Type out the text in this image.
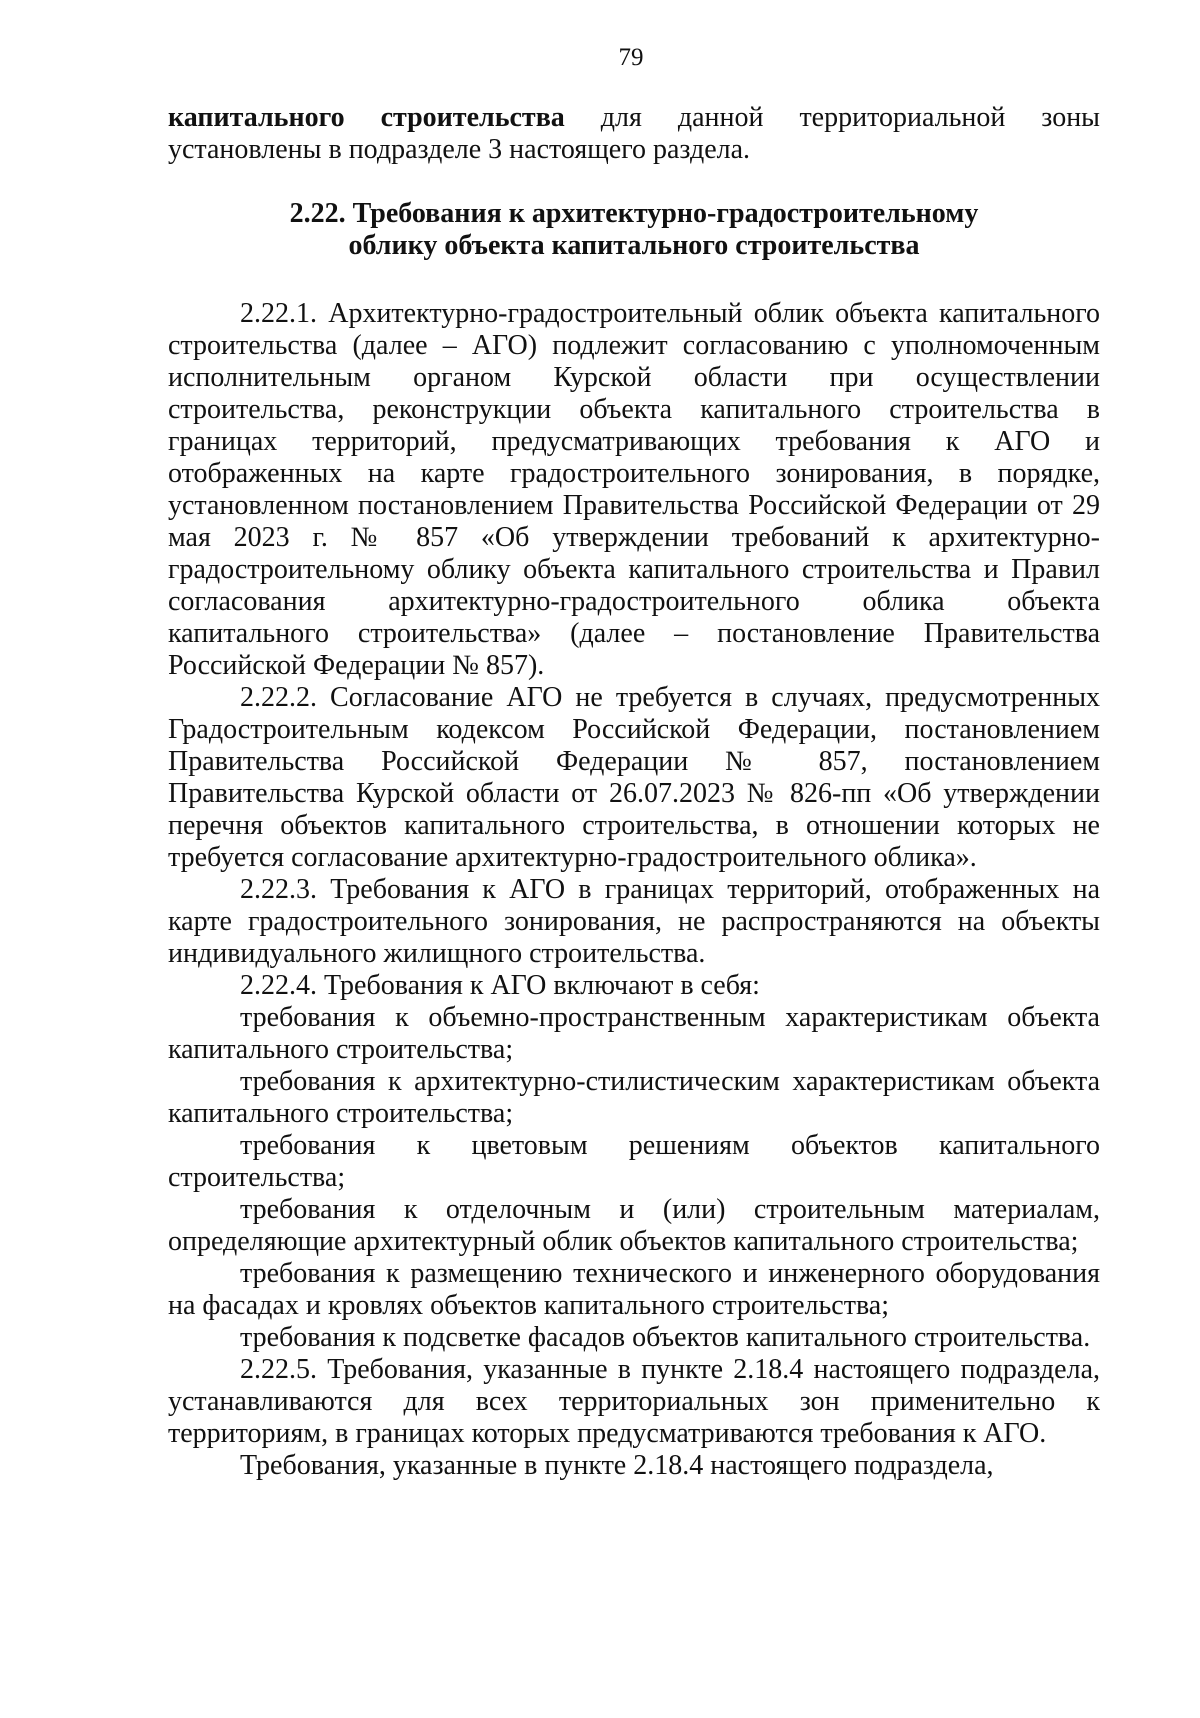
79

капитального строительства для данной территориальной зоны установлены в подразделе 3 настоящего раздела.

2.22. Требования к архитектурно-градостроительному
облику объекта капитального строительства

2.22.1. Архитектурно-градостроительный облик объекта капитального строительства (далее – АГО) подлежит согласованию с уполномоченным исполнительным органом Курской области при осуществлении строительства, реконструкции объекта капитального строительства в границах территорий, предусматривающих требования к АГО и отображенных на карте градостроительного зонирования, в порядке, установленном постановлением Правительства Российской Федерации от 29 мая 2023 г. № 857 «Об утверждении требований к архитектурно-градостроительному облику объекта капитального строительства и Правил согласования архитектурно-градостроительного облика объекта капитального строительства» (далее – постановление Правительства Российской Федерации № 857).

2.22.2. Согласование АГО не требуется в случаях, предусмотренных Градостроительным кодексом Российской Федерации, постановлением Правительства Российской Федерации № 857, постановлением Правительства Курской области от 26.07.2023 № 826-пп «Об утверждении перечня объектов капитального строительства, в отношении которых не требуется согласование архитектурно-градостроительного облика».

2.22.3. Требования к АГО в границах территорий, отображенных на карте градостроительного зонирования, не распространяются на объекты индивидуального жилищного строительства.

2.22.4. Требования к АГО включают в себя:

требования к объемно-пространственным характеристикам объекта капитального строительства;

требования к архитектурно-стилистическим характеристикам объекта капитального строительства;

требования к цветовым решениям объектов капитального строительства;

требования к отделочным и (или) строительным материалам, определяющие архитектурный облик объектов капитального строительства;

требования к размещению технического и инженерного оборудования на фасадах и кровлях объектов капитального строительства;

требования к подсветке фасадов объектов капитального строительства.

2.22.5. Требования, указанные в пункте 2.18.4 настоящего подраздела, устанавливаются для всех территориальных зон применительно к территориям, в границах которых предусматриваются требования к АГО.

Требования, указанные в пункте 2.18.4 настоящего подраздела,
